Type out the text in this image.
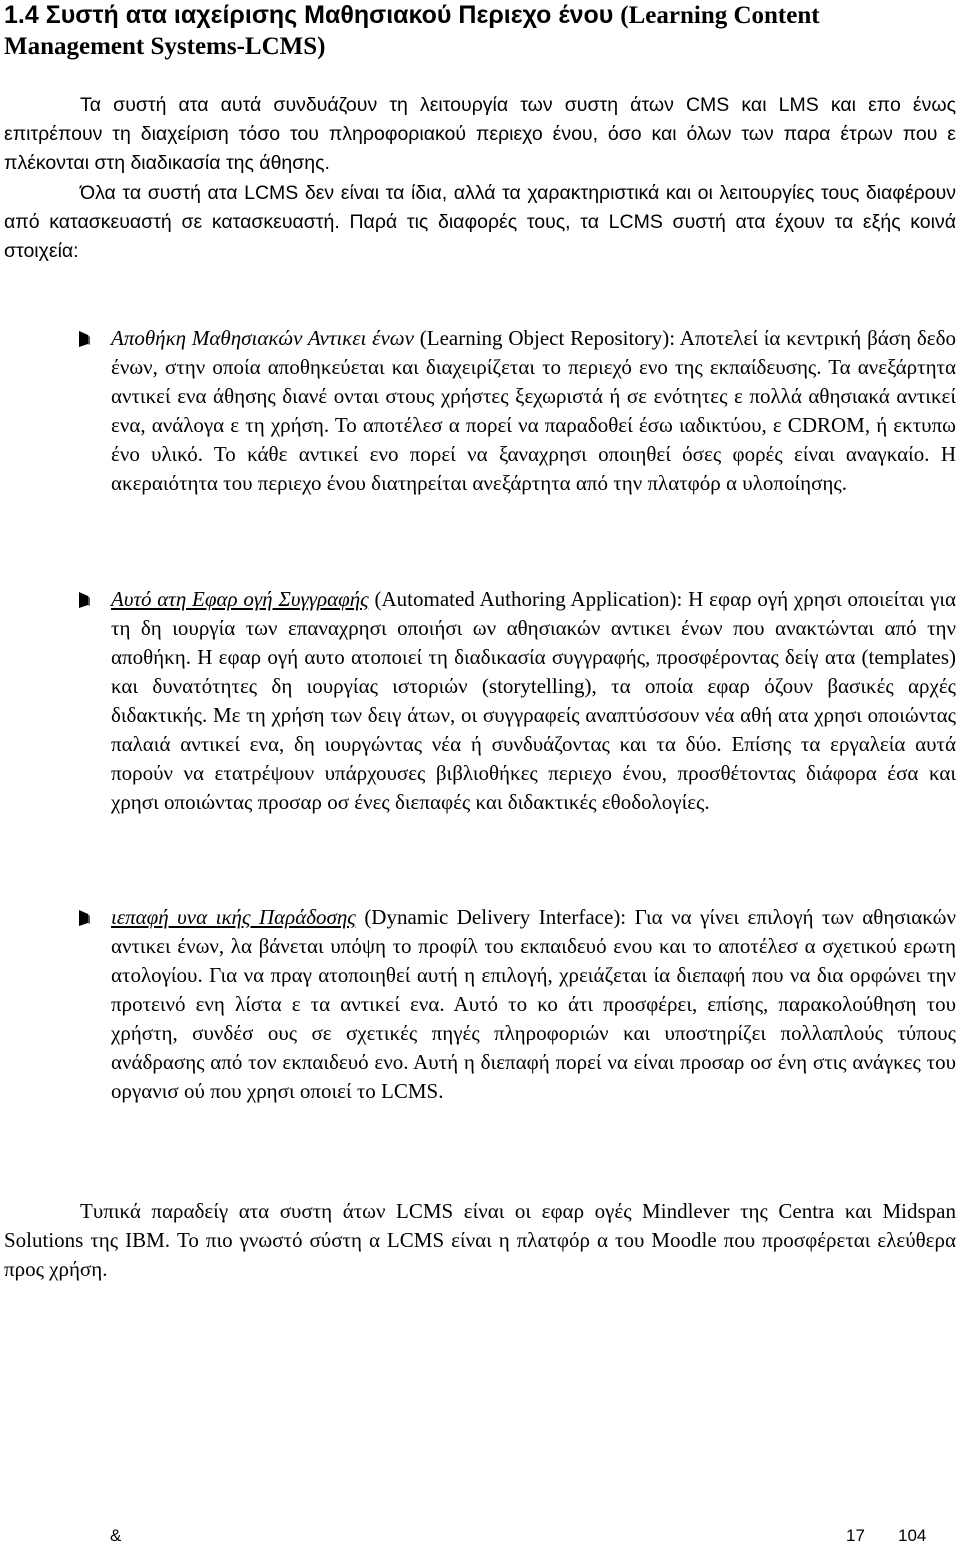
1.4 Συστή ατα ιαχείρισης Μαθησιακού Περιεχο ένου (Learning Content Management Systems-LCMS)

Τα συστή ατα αυτά συνδυάζουν τη λειτουργία των συστη άτων CMS και LMS και επο ένως επιτρέπουν τη διαχείριση τόσο του πληροφοριακού περιεχο ένου, όσο και όλων των παρα έτρων που ε πλέκονται στη διαδικασία της άθησης.

Όλα τα συστή ατα LCMS δεν είναι τα ίδια, αλλά τα χαρακτηριστικά και οι λειτουργίες τους διαφέρουν από κατασκευαστή σε κατασκευαστή. Παρά τις διαφορές τους, τα LCMS συστή ατα έχουν τα εξής κοινά στοιχεία:

Αποθήκη Μαθησιακών Αντικει ένων (Learning Object Repository): Αποτελεί ία κεντρική βάση δεδο ένων, στην οποία αποθηκεύεται και διαχειρίζεται το περιεχό ενο της εκπαίδευσης. Τα ανεξάρτητα αντικεί ενα άθησης διανέ ονται στους χρήστες ξεχωριστά ή σε ενότητες ε πολλά αθησιακά αντικεί ενα, ανάλογα ε τη χρήση. Το αποτέλεσ α πορεί να παραδοθεί έσω ιαδικτύου, ε CDROM, ή εκτυπω ένο υλικό. Το κάθε αντικεί ενο πορεί να ξαναχρησι οποιηθεί όσες φορές είναι αναγκαίο. Η ακεραιότητα του περιεχο ένου διατηρείται ανεξάρτητα από την πλατφόρ α υλοποίησης.

Αυτό ατη Εφαρ ογή Συγγραφής (Automated Authoring Application): Η εφαρ ογή χρησι οποιείται για τη δη ιουργία των επαναχρησι οποιήσι ων αθησιακών αντικει ένων που ανακτώνται από την αποθήκη. Η εφαρ ογή αυτο ατοποιεί τη διαδικασία συγγραφής, προσφέροντας δείγ ατα (templates) και δυνατότητες δη ιουργίας ιστοριών (storytelling), τα οποία εφαρ όζουν βασικές αρχές διδακτικής. Με τη χρήση των δειγ άτων, οι συγγραφείς αναπτύσσουν νέα αθή ατα χρησι οποιώντας παλαιά αντικεί ενα, δη ιουργώντας νέα ή συνδυάζοντας και τα δύο. Επίσης τα εργαλεία αυτά πορούν να ετατρέψουν υπάρχουσες βιβλιοθήκες περιεχο ένου, προσθέτοντας διάφορα έσα και χρησι οποιώντας προσαρ οσ ένες διεπαφές και διδακτικές εθοδολογίες.

ιεπαφή υνα ικής Παράδοσης (Dynamic Delivery Interface): Για να γίνει επιλογή των αθησιακών αντικει ένων, λα βάνεται υπόψη το προφίλ του εκπαιδευό ενου και το αποτέλεσ α σχετικού ερωτη ατολογίου. Για να πραγ ατοποιηθεί αυτή η επιλογή, χρειάζεται ία διεπαφή που να δια ορφώνει την προτεινό ενη λίστα ε τα αντικεί ενα. Αυτό το κο άτι προσφέρει, επίσης, παρακολούθηση του χρήστη, συνδέσ ους σε σχετικές πηγές πληροφοριών και υποστηρίζει πολλαπλούς τύπους ανάδρασης από τον εκπαιδευό ενο. Αυτή η διεπαφή πορεί να είναι προσαρ οσ ένη στις ανάγκες του οργανισ ού που χρησι οποιεί το LCMS.

Τυπικά παραδείγ ατα συστη άτων LCMS είναι οι εφαρ ογές Mindlever της Centra και Midspan Solutions της IBM. Το πιο γνωστό σύστη α LCMS είναι η πλατφόρ α του Moodle που προσφέρεται ελεύθερα προς χρήση.

&	17 104
